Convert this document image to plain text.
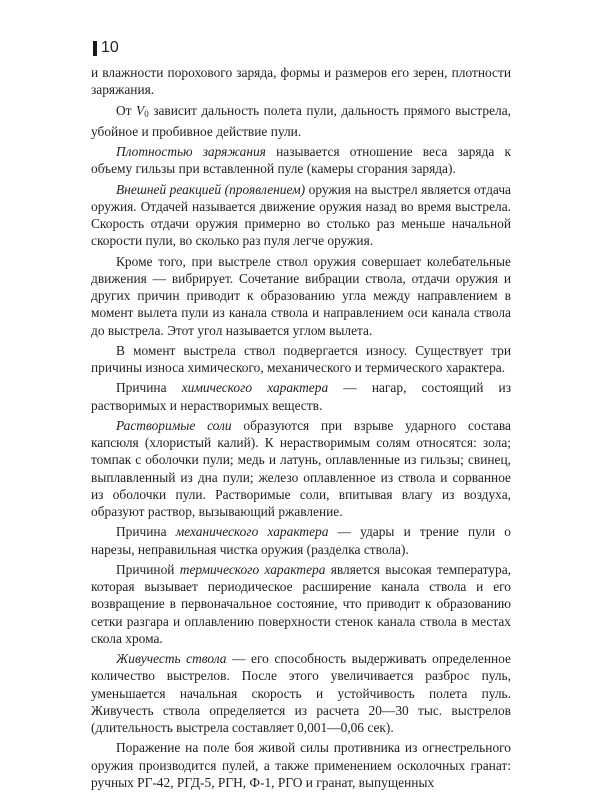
10

и влажности порохового заряда, формы и размеров его зерен, плотности заряжания.

От $V_0$ зависит дальность полета пули, дальность прямого выстрела, убойное и пробивное действие пули.

Плотностью заряжания называется отношение веса заряда к объему гильзы при вставленной пуле (камеры сгорания заряда).

Внешней реакцией (проявлением) оружия на выстрел является отдача оружия. Отдачей называется движение оружия назад во время выстрела. Скорость отдачи оружия примерно во столько раз меньше начальной скорости пули, во сколько раз пуля легче оружия.

Кроме того, при выстреле ствол оружия совершает колебательные движения — вибрирует. Сочетание вибрации ствола, отдачи оружия и других причин приводит к образованию угла между направлением в момент вылета пули из канала ствола и направлением оси канала ствола до выстрела. Этот угол называется углом вылета.

В момент выстрела ствол подвергается износу. Существует три причины износа химического, механического и термического характера.

Причина химического характера — нагар, состоящий из растворимых и нерастворимых веществ.

Растворимые соли образуются при взрыве ударного состава капсюля (хлористый калий). К нерастворимым солям относятся: зола; томпак с оболочки пули; медь и латунь, оплавленные из гильзы; свинец, выплавленный из дна пули; железо оплавленное из ствола и сорванное из оболочки пули. Растворимые соли, впитывая влагу из воздуха, образуют раствор, вызывающий ржавление.

Причина механического характера — удары и трение пули о нарезы, неправильная чистка оружия (разделка ствола).

Причиной термического характера является высокая температура, которая вызывает периодическое расширение канала ствола и его возвращение в первоначальное состояние, что приводит к образованию сетки разгара и оплавлению поверхности стенок канала ствола в местах скола хрома.

Живучесть ствола — его способность выдерживать определенное количество выстрелов. После этого увеличивается разброс пуль, уменьшается начальная скорость и устойчивость полета пуль. Живучесть ствола определяется из расчета 20—30 тыс. выстрелов (длительность выстрела составляет 0,001—0,06 сек).

Поражение на поле боя живой силы противника из огнестрельного оружия производится пулей, а также применением осколочных гранат: ручных РГ-42, РГД-5, РГН, Ф-1, РГО и гранат, выпущенных
